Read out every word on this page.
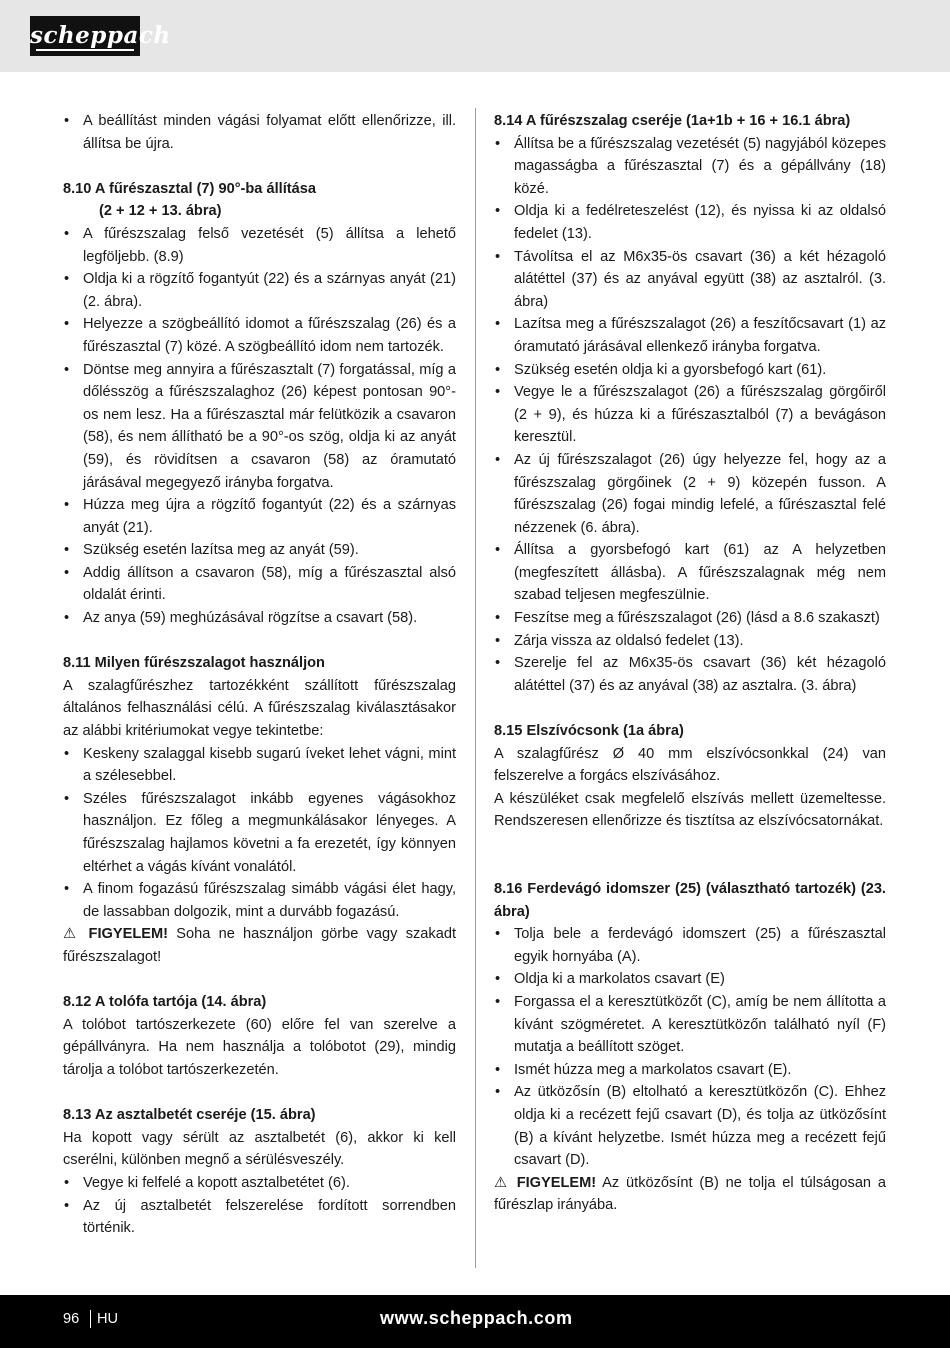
scheppach
• A beállítást minden vágási folyamat előtt ellenőrizze, ill. állítsa be újra.
8.10 A fűrészasztal (7) 90°-ba állítása
(2 + 12 + 13. ábra)
• A fűrészszalag felső vezetését (5) állítsa a lehető legföljebb. (8.9)
• Oldja ki a rögzítő fogantyút (22) és a szárnyas anyát (21) (2. ábra).
• Helyezze a szögbeállító idomot a fűrészszalag (26) és a fűrészasztal (7) közé. A szögbeállító idom nem tartozék.
• Döntse meg annyira a fűrészasztalt (7) forgatással, míg a dőlésszög a fűrészszalaghoz (26) képest pontosan 90°-os nem lesz. Ha a fűrészasztal már felütközik a csavaron (58), és nem állítható be a 90°-os szög, oldja ki az anyát (59), és rövidítsen a csavaron (58) az óramutató járásával megegyező irányba forgatva.
• Húzza meg újra a rögzítő fogantyút (22) és a szárnyas anyát (21).
• Szükség esetén lazítsa meg az anyát (59).
• Addig állítson a csavaron (58), míg a fűrészasztal alsó oldalát érinti.
• Az anya (59) meghúzásával rögzítse a csavart (58).
8.11 Milyen fűrészszalagot használjon

A szalagfűrészhez tartozékként szállított fűrészszalag általános felhasználási célú. A fűrészszalag kiválasztásakor az alábbi kritériumokat vegye tekintetbe:

• Keskeny szalaggal kisebb sugarú íveket lehet vágni, mint a szélesebbel.
• Széles fűrészszalagot inkább egyenes vágásokhoz használjon. Ez főleg a megmunkálásakor lényeges. A fűrészszalag hajlamos követni a fa erezetét, így könnyen eltérhet a vágás kívánt vonalától.
• A finom fogazású fűrészszalag simább vágási élet hagy, de lassabban dolgozik, mint a durvább fogazású.

⚠ FIGYELEM! Soha ne használjon görbe vagy szakadt fűrészszalagot!

8.12 A tolófa tartója (14. ábra)

A tolóbot tartószerkezete (60) előre fel van szerelve a gépállványra. Ha nem használja a tolóbotot (29), mindig tárolja a tolóbot tartószerkezetén.

8.13 Az asztalbetét cseréje (15. ábra)

Ha kopott vagy sérült az asztalbetét (6), akkor ki kell cserélni, különben megnő a sérülésveszély.

• Vegye ki felfelé a kopott asztalbetétet (6).
• Az új asztalbetét felszerelése fordított sorrendben történik.
8.14 A fűrészszalag cseréje (1a+1b + 16 + 16.1 ábra)
• Állítsa be a fűrészszalag vezetését (5) nagyjából közepes magasságba a fűrészasztal (7) és a gépállvány (18) közé.
• Oldja ki a fedélreteszelést (12), és nyissa ki az oldalsó fedelet (13).
• Távolítsa el az M6x35-ös csavart (36) a két hézagoló alátéttel (37) és az anyával együtt (38) az asztalról. (3. ábra)
• Lazítsa meg a fűrészszalagot (26) a feszítőcsavart (1) az óramutató járásával ellenkező irányba forgatva.
• Szükség esetén oldja ki a gyorsbefogó kart (61).
• Vegye le a fűrészszalagot (26) a fűrészszalag görgőiről (2 + 9), és húzza ki a fűrészasztalból (7) a bevágáson keresztül.
• Az új fűrészszalagot (26) úgy helyezze fel, hogy az a fűrészszalag görgőinek (2 + 9) közepén fusson. A fűrészszalag (26) fogai mindig lefelé, a fűrészasztal felé nézzenek (6. ábra).
• Állítsa a gyorsbefogó kart (61) az A helyzetben (megfeszített állásba). A fűrészszalagnak még nem szabad teljesen megfeszülnie.
• Feszítse meg a fűrészszalagot (26) (lásd a 8.6 szakaszt)
• Zárja vissza az oldalsó fedelet (13).
• Szerelje fel az M6x35-ös csavart (36) két hézagoló alátéttel (37) és az anyával (38) az asztalra. (3. ábra)
8.15 Elszívócsonk (1a ábra)

A szalagfűrész Ø 40 mm elszívócsonkkal (24) van felszerelve a forgács elszívásához.

A készüléket csak megfelelő elszívás mellett üzemeltesse. Rendszeresen ellenőrizze és tisztítsa az elszívócsatornákat.

8.16 Ferdevágó idomszer (25) (választható tartozék) (23. ábra)
• Tolja bele a ferdevágó idomszert (25) a fűrészasztal egyik hornyába (A).
• Oldja ki a markolatos csavart (E)
• Forgassa el a keresztütközőt (C), amíg be nem állította a kívánt szögméretet. A keresztütközőn található nyíl (F) mutatja a beállított szöget.
• Ismét húzza meg a markolatos csavart (E).
• Az ütközősín (B) eltolható a keresztütközőn (C). Ehhez oldja ki a recézett fejű csavart (D), és tolja az ütközősínt (B) a kívánt helyzetbe. Ismét húzza meg a recézett fejű csavart (D).

⚠ FIGYELEM! Az ütközősínt (B) ne tolja el túlságosan a fűrészlap irányába.

96 HU	www.scheppach.com
